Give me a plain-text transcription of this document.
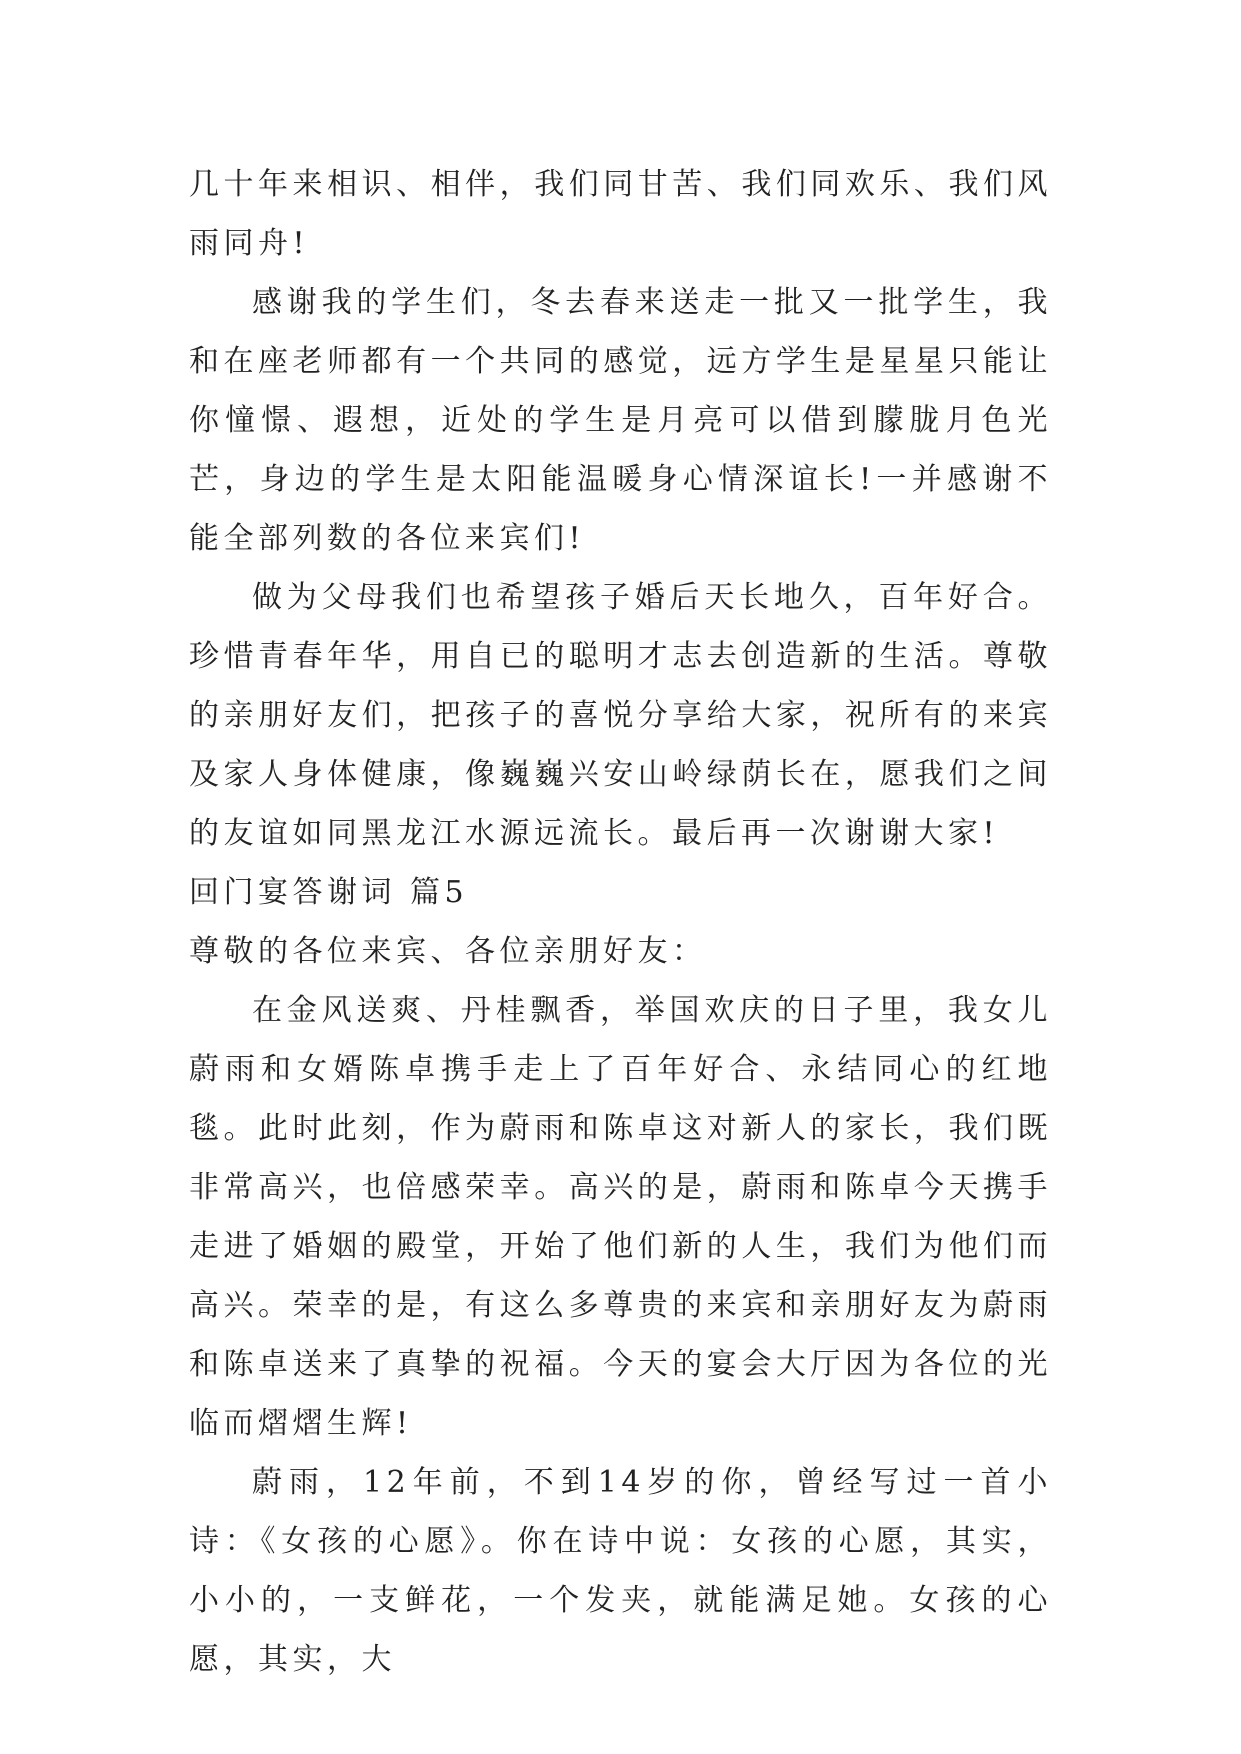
几十年来相识、相伴，我们同甘苦、我们同欢乐、我们风雨同舟!

感谢我的学生们，冬去春来送走一批又一批学生，我和在座老师都有一个共同的感觉，远方学生是星星只能让你憧憬、遐想，近处的学生是月亮可以借到朦胧月色光芒，身边的学生是太阳能温暖身心情深谊长!一并感谢不能全部列数的各位来宾们!

做为父母我们也希望孩子婚后天长地久，百年好合。珍惜青春年华，用自已的聪明才志去创造新的生活。尊敬的亲朋好友们，把孩子的喜悦分享给大家，祝所有的来宾及家人身体健康，像巍巍兴安山岭绿荫长在，愿我们之间的友谊如同黑龙江水源远流长。最后再一次谢谢大家!

回门宴答谢词 篇5

尊敬的各位来宾、各位亲朋好友：

在金风送爽、丹桂飘香，举国欢庆的日子里，我女儿蔚雨和女婿陈卓携手走上了百年好合、永结同心的红地毯。此时此刻，作为蔚雨和陈卓这对新人的家长，我们既非常高兴，也倍感荣幸。高兴的是，蔚雨和陈卓今天携手走进了婚姻的殿堂，开始了他们新的人生，我们为他们而高兴。荣幸的是，有这么多尊贵的来宾和亲朋好友为蔚雨和陈卓送来了真挚的祝福。今天的宴会大厅因为各位的光临而熠熠生辉!

蔚雨，12年前，不到14岁的你，曾经写过一首小诗：《女孩的心愿》。你在诗中说：女孩的心愿，其实，小小的，一支鲜花，一个发夹，就能满足她。女孩的心愿，其实，大
